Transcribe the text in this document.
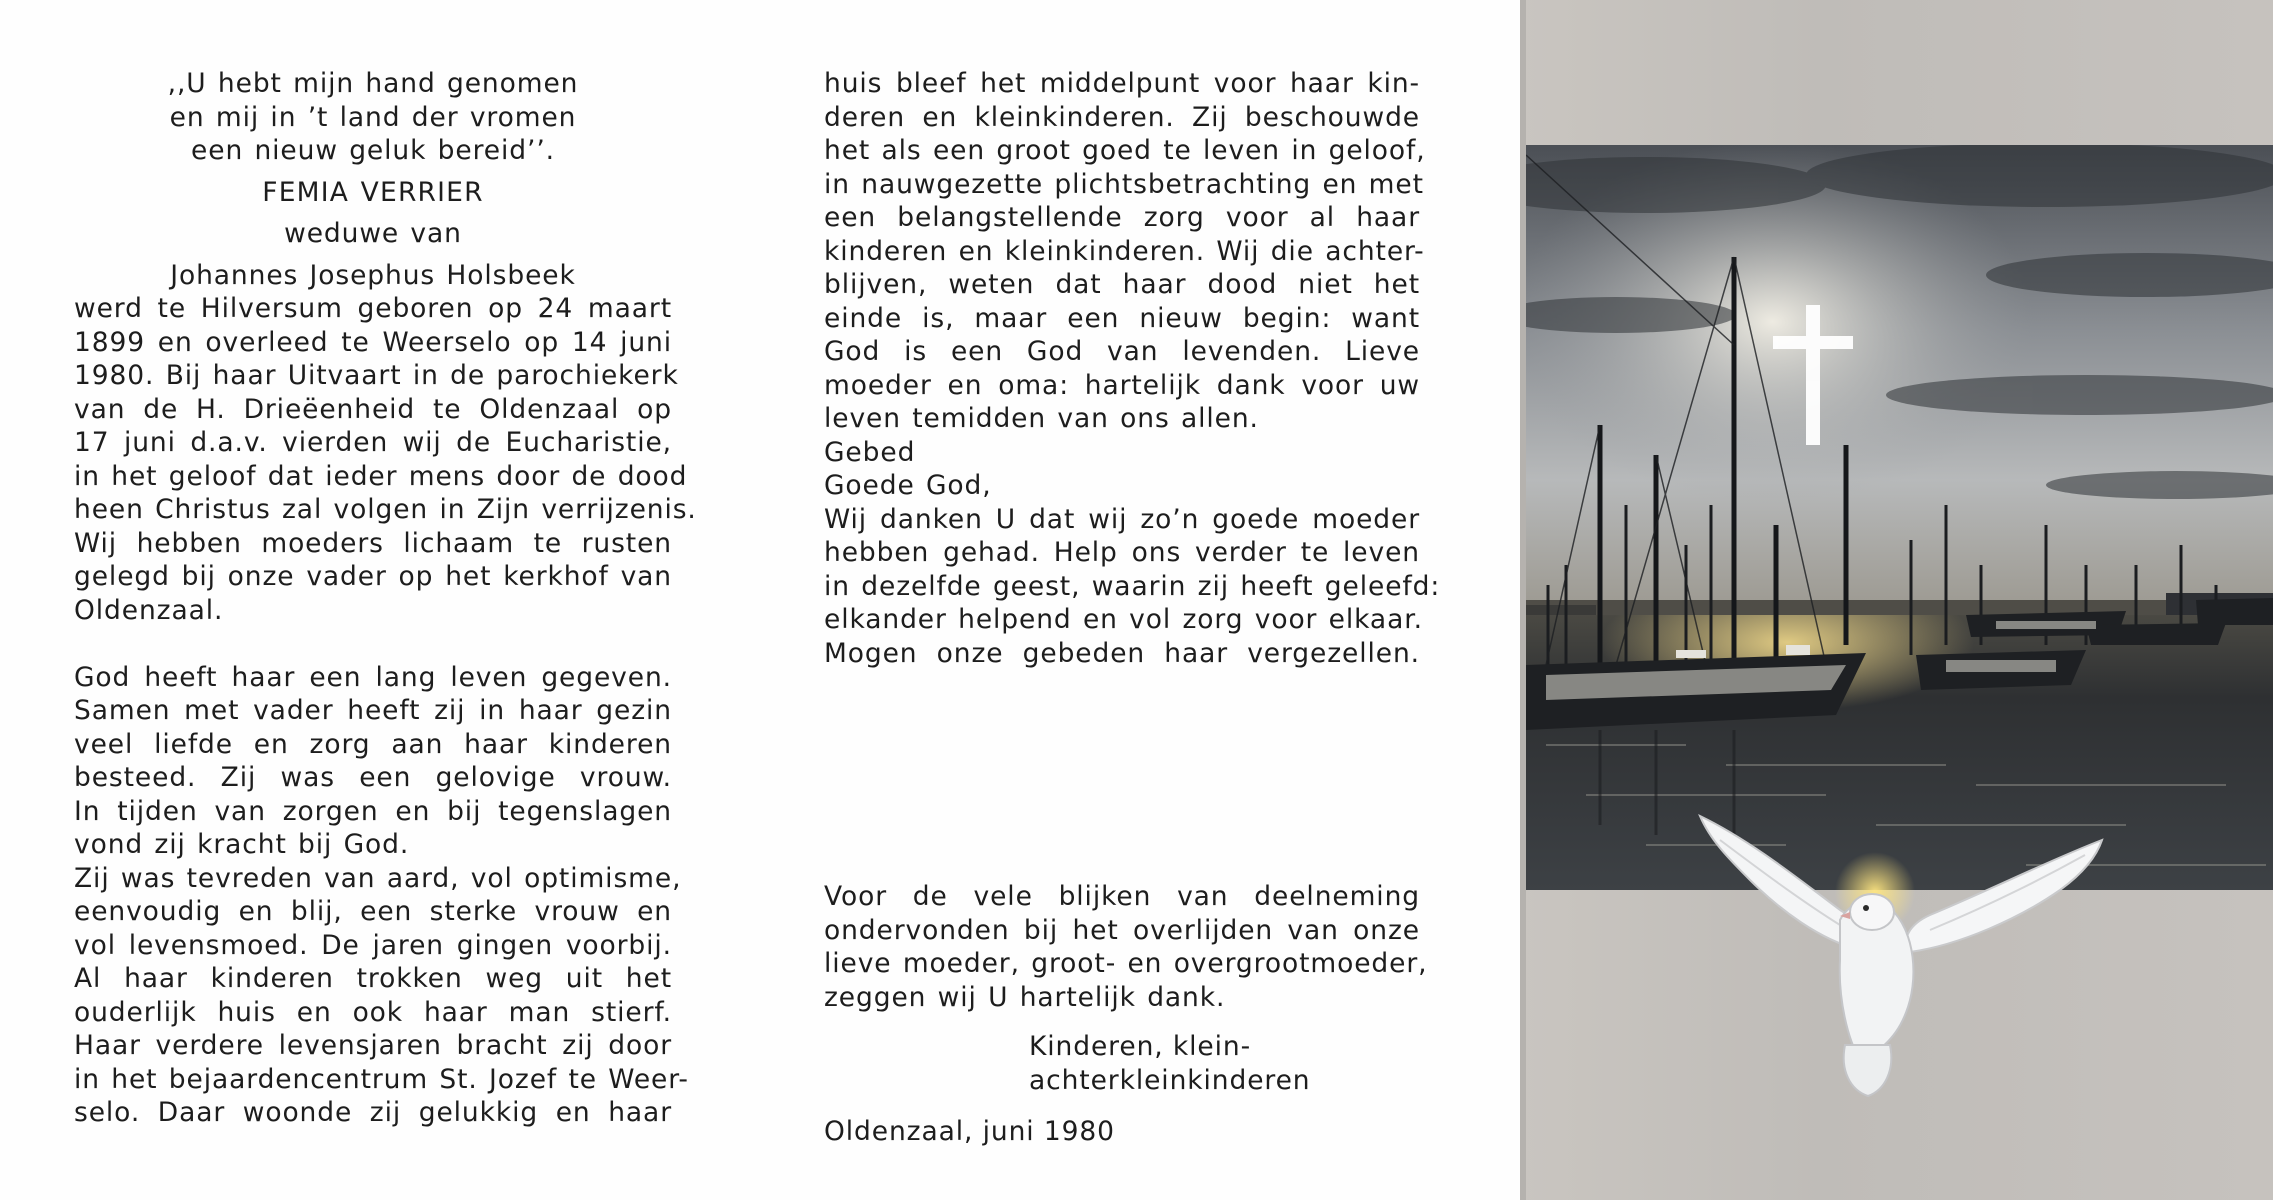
,,U hebt mijn hand genomen
en mij in ’t land der vromen
een nieuw geluk bereid’’.
FEMIA VERRIER
weduwe van
Johannes Josephus Holsbeek
werd te Hilversum geboren op 24 maart
1899 en overleed te Weerselo op 14 juni
1980. Bij haar Uitvaart in de parochiekerk
van de H. Drieëenheid te Oldenzaal op
17 juni d.a.v. vierden wij de Eucharistie,
in het geloof dat ieder mens door de dood
heen Christus zal volgen in Zijn verrijzenis.
Wij hebben moeders lichaam te rusten
gelegd bij onze vader op het kerkhof van
Oldenzaal.
God heeft haar een lang leven gegeven.
Samen met vader heeft zij in haar gezin
veel liefde en zorg aan haar kinderen
besteed. Zij was een gelovige vrouw.
In tijden van zorgen en bij tegenslagen
vond zij kracht bij God.
Zij was tevreden van aard, vol optimisme,
eenvoudig en blij, een sterke vrouw en
vol levensmoed. De jaren gingen voorbij.
Al haar kinderen trokken weg uit het
ouderlijk huis en ook haar man stierf.
Haar verdere levensjaren bracht zij door
in het bejaardencentrum St. Jozef te Weer-
selo. Daar woonde zij gelukkig en haar
huis bleef het middelpunt voor haar kin-
deren en kleinkinderen. Zij beschouwde
het als een groot goed te leven in geloof,
in nauwgezette plichtsbetrachting en met
een belangstellende zorg voor al haar
kinderen en kleinkinderen. Wij die achter-
blijven, weten dat haar dood niet het
einde is, maar een nieuw begin: want
God is een God van levenden. Lieve
moeder en oma: hartelijk dank voor uw
leven temidden van ons allen.
Gebed
Goede God,
Wij danken U dat wij zo’n goede moeder
hebben gehad. Help ons verder te leven
in dezelfde geest, waarin zij heeft geleefd:
elkander helpend en vol zorg voor elkaar.
Mogen onze gebeden haar vergezellen.
Voor de vele blijken van deelneming
ondervonden bij het overlijden van onze
lieve moeder, groot- en overgrootmoeder,
zeggen wij U hartelijk dank.
Kinderen, klein-
achterkleinkinderen
Oldenzaal, juni 1980
